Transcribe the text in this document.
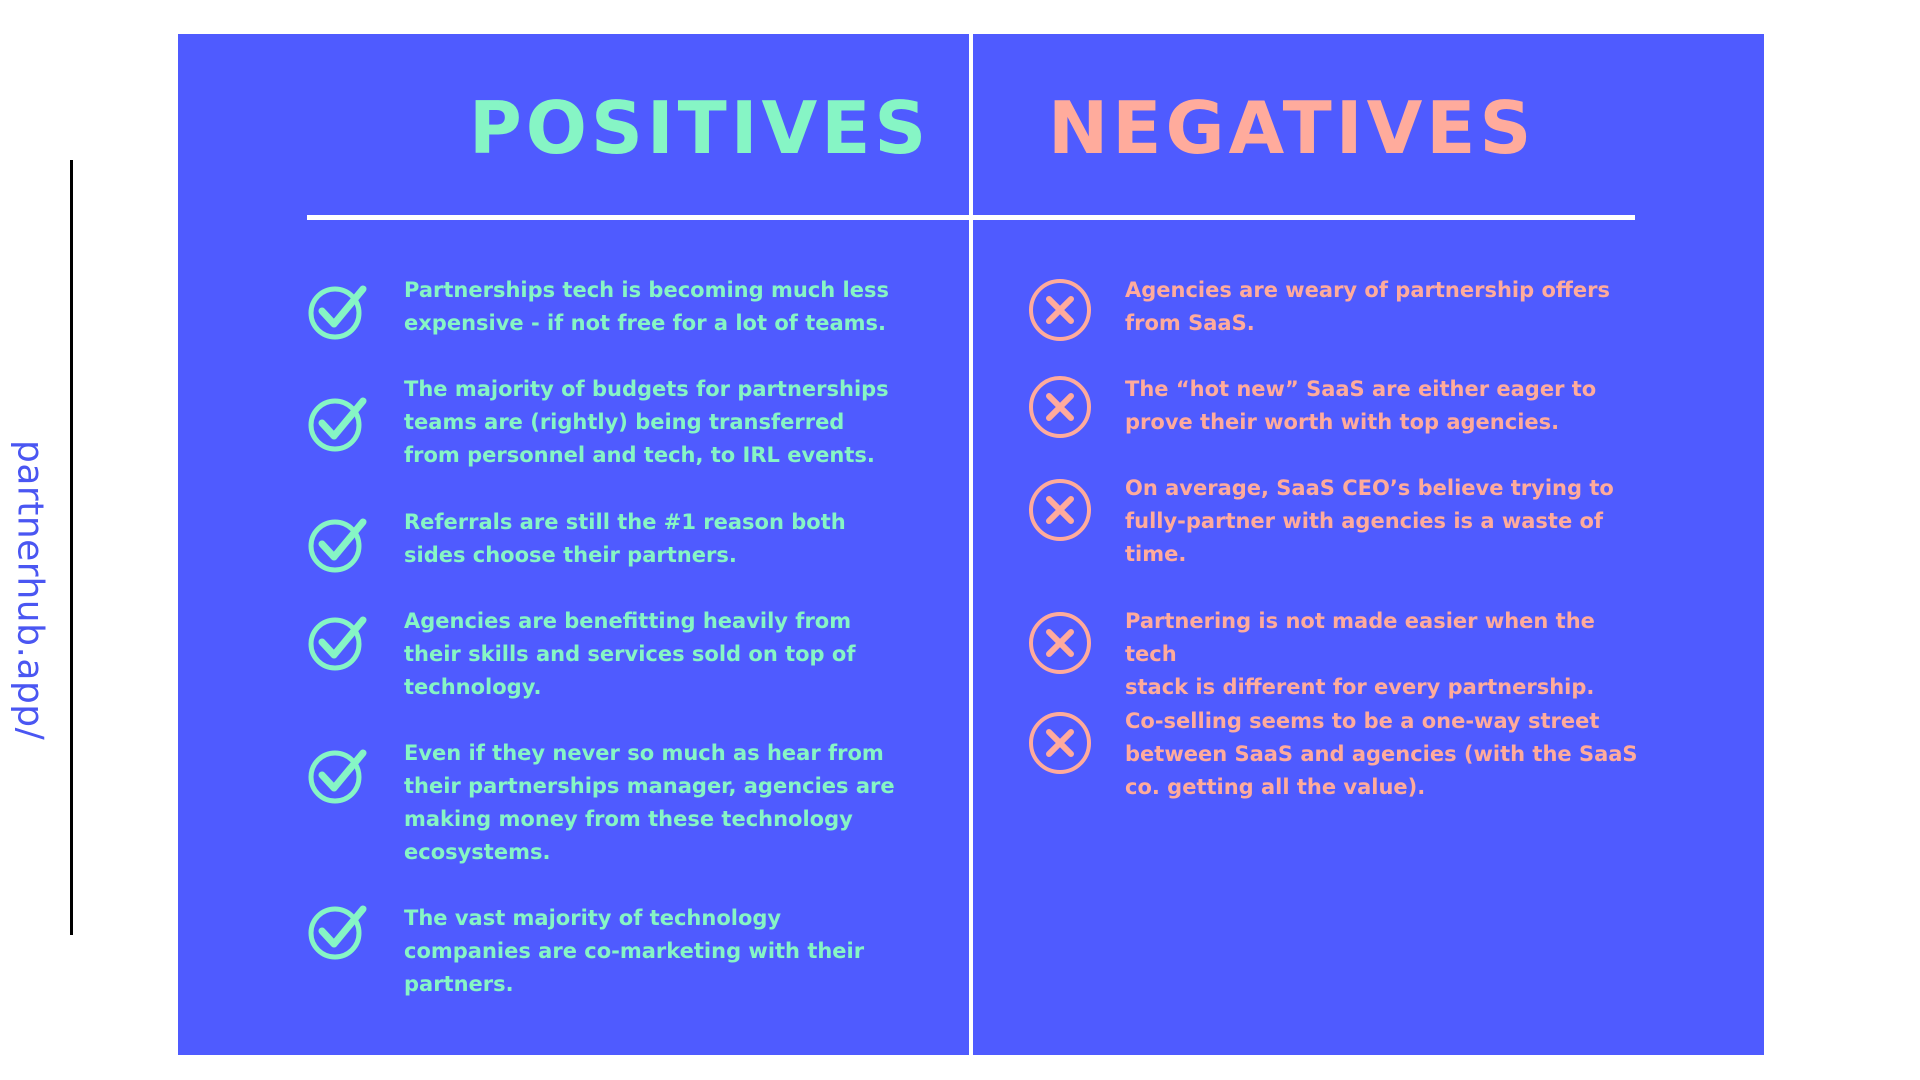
partnerhub.app/
POSITIVES NEGATIVES
Partnerships tech is becoming much less
expensive - if not free for a lot of teams.
The majority of budgets for partnerships
teams are (rightly) being transferred
from personnel and tech, to IRL events.
Referrals are still the #1 reason both
sides choose their partners.
Agencies are benefitting heavily from
their skills and services sold on top of
technology.
Even if they never so much as hear from
their partnerships manager, agencies are
making money from these technology
ecosystems.
The vast majority of technology
companies are co-marketing with their
partners.
Agencies are weary of partnership offers
from SaaS.
The “hot new” SaaS are either eager to
prove their worth with top agencies.
On average, SaaS CEO’s believe trying to
fully-partner with agencies is a waste of
time.
Partnering is not made easier when the tech
stack is different for every partnership.
Co-selling seems to be a one-way street
between SaaS and agencies (with the SaaS
co. getting all the value).
